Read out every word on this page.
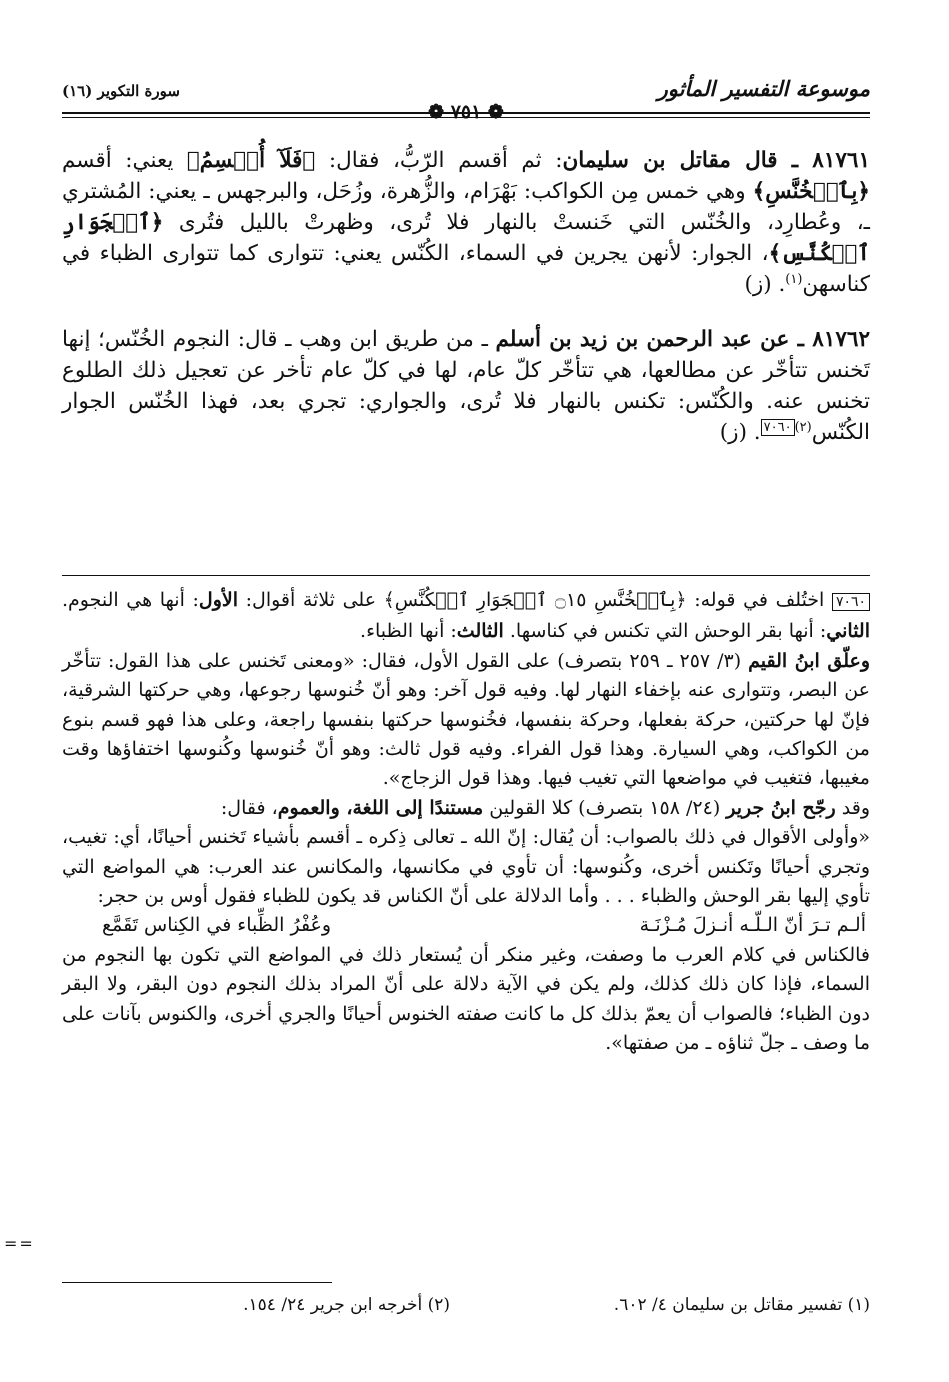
موسوعة التفسير المأثور
سورة التكوير (١٦)
❁ ٧٥١ ❁

٨١٧٦١ ـ قال مقاتل بن سليمان: ثم أقسم الرّبُّ، فقال: ﴿فَلَآ أُقۡسِمُ﴾ يعني: أقسم ﴿بِٱلۡخُنَّسِ﴾ وهي خمس مِن الكواكب: بَهْرَام، والزُّهرة، وزُحَل، والبرجهس ـ يعني: المُشتري ـ، وعُطارِد، والخُنّس التي خَنستْ بالنهار فلا تُرى، وظهرتْ بالليل فتُرى ﴿ٱلۡجَوَارِ ٱلۡكُنَّسِ﴾، الجوار: لأنهن يجرين في السماء، الكُنّس يعني: تتوارى كما تتوارى الظباء في كناسهن$^{(١)}$. (ز)

٨١٧٦٢ ـ عن عبد الرحمن بن زيد بن أسلم ـ من طريق ابن وهب ـ قال: النجوم الخُنّس؛ إنها تَخنس تتأخّر عن مطالعها، هي تتأخّر كلّ عام، لها في كلّ عام تأخر عن تعجيل ذلك الطلوع تخنس عنه. والكُنّس: تكنس بالنهار فلا تُرى، والجواري: تجري بعد، فهذا الخُنّس الجوار الكُنّس$^{(٢)٧٠٦٠}$. (ز)

٧٠٦٠ اختُلف في قوله: ﴿بِٱلۡخُنَّسِ ۝١٥ ٱلۡجَوَارِ ٱلۡكُنَّسِ﴾ على ثلاثة أقوال: الأول: أنها هي النجوم. الثاني: أنها بقر الوحش التي تكنس في كناسها. الثالث: أنها الظباء.

وعلّق ابنُ القيم (٣/ ٢٥٧ ـ ٢٥٩ بتصرف) على القول الأول، فقال: «ومعنى تَخنس على هذا القول: تتأخّر عن البصر، وتتوارى عنه بإخفاء النهار لها. وفيه قول آخر: وهو أنّ خُنوسها رجوعها، وهي حركتها الشرقية، فإنّ لها حركتين، حركة بفعلها، وحركة بنفسها، فخُنوسها حركتها بنفسها راجعة، وعلى هذا فهو قسم بنوع من الكواكب، وهي السيارة. وهذا قول الفراء. وفيه قول ثالث: وهو أنّ خُنوسها وكُنوسها اختفاؤها وقت مغيبها، فتغيب في مواضعها التي تغيب فيها. وهذا قول الزجاج».

وقد رجّح ابنُ جرير (٢٤/ ١٥٨ بتصرف) كلا القولين مستندًا إلى اللغة، والعموم، فقال:

«وأولى الأقوال في ذلك بالصواب: أن يُقال: إنّ الله ـ تعالى ذِكره ـ أقسم بأشياء تَخنس أحيانًا، أي: تغيب، وتجري أحيانًا وتَكنس أخرى، وكُنوسها: أن تأوي في مكانسها، والمكانس عند العرب: هي المواضع التي تأوي إليها بقر الوحش والظباء . . . وأما الدلالة على أنّ الكناس قد يكون للظباء فقول أوس بن حجر:

ألـم تـرَ أنّ الـلّـه أنـزلَ مُـزْنَـة
وعُفْرُ الظِّباء في الكِناس تَقَمَّع

فالكناس في كلام العرب ما وصفت، وغير منكر أن يُستعار ذلك في المواضع التي تكون بها النجوم من السماء، فإذا كان ذلك كذلك، ولم يكن في الآية دلالة على أنّ المراد بذلك النجوم دون البقر، ولا البقر دون الظباء؛ فالصواب أن يعمّ بذلك كل ما كانت صفته الخنوس أحيانًا والجري أخرى، والكنوس بآنات على ما وصف ـ جلّ ثناؤه ـ من صفتها».

==
(١) تفسير مقاتل بن سليمان ٤/ ٦٠٢.
(٢) أخرجه ابن جرير ٢٤/ ١٥٤.
